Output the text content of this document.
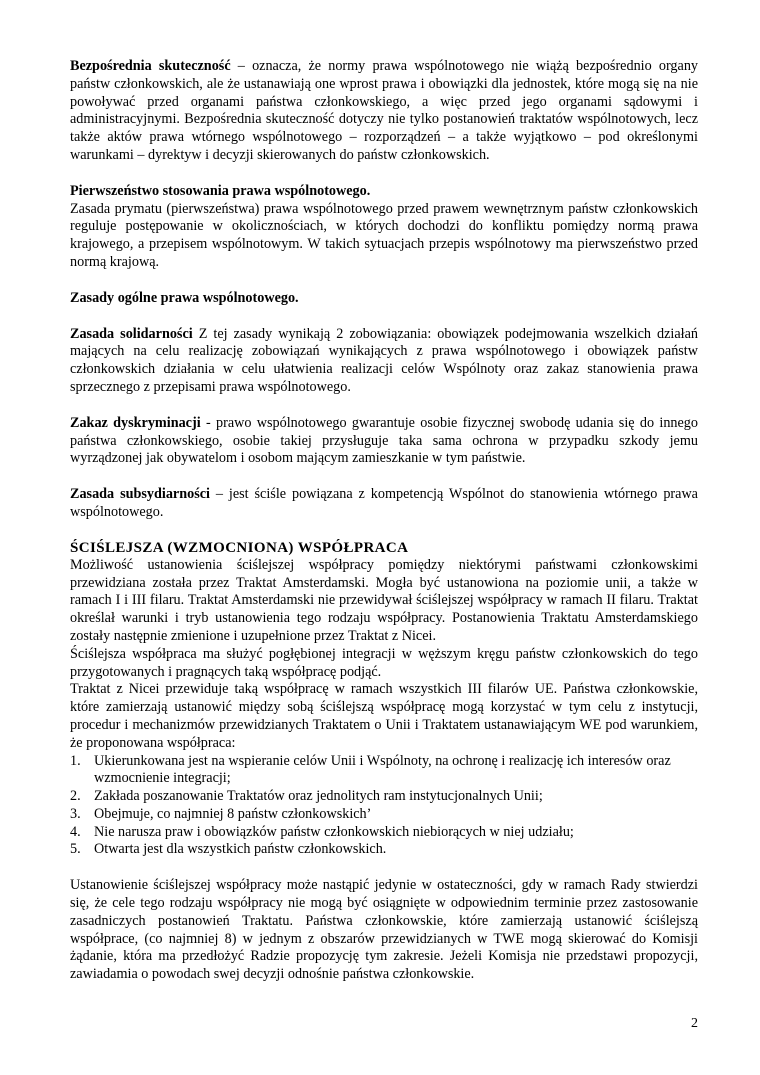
Bezpośrednia skuteczność – oznacza, że normy prawa wspólnotowego nie wiążą bezpośrednio organy państw członkowskich, ale że ustanawiają one wprost prawa i obowiązki dla jednostek, które mogą się na nie powoływać przed organami państwa członkowskiego, a więc przed jego organami sądowymi i administracyjnymi. Bezpośrednia skuteczność dotyczy nie tylko postanowień traktatów wspólnotowych, lecz także aktów prawa wtórnego wspólnotowego – rozporządzeń – a także wyjątkowo – pod określonymi warunkami – dyrektyw i decyzji skierowanych do państw członkowskich.

Pierwszeństwo stosowania prawa wspólnotowego.

Zasada prymatu (pierwszeństwa) prawa wspólnotowego przed prawem wewnętrznym państw członkowskich reguluje postępowanie w okolicznościach, w których dochodzi do konfliktu pomiędzy normą prawa krajowego, a przepisem wspólnotowym. W takich sytuacjach przepis wspólnotowy ma pierwszeństwo przed normą krajową.

Zasady ogólne prawa wspólnotowego.

Zasada solidarności Z tej zasady wynikają 2 zobowiązania: obowiązek podejmowania wszelkich działań mających na celu realizację zobowiązań wynikających z prawa wspólnotowego i obowiązek państw członkowskich działania w celu ułatwienia realizacji celów Wspólnoty oraz zakaz stanowienia prawa sprzecznego z przepisami prawa wspólnotowego.

Zakaz dyskryminacji - prawo wspólnotowego gwarantuje osobie fizycznej swobodę udania się do innego państwa członkowskiego, osobie takiej przysługuje taka sama ochrona w przypadku szkody jemu wyrządzonej jak obywatelom i osobom mającym zamieszkanie w tym państwie.

Zasada subsydiarności – jest ściśle powiązana z kompetencją Wspólnot do stanowienia wtórnego prawa wspólnotowego.

ŚCIŚLEJSZA (WZMOCNIONA) WSPÓŁPRACA

Możliwość ustanowienia ściślejszej współpracy pomiędzy niektórymi państwami członkowskimi przewidziana została przez Traktat Amsterdamski. Mogła być ustanowiona na poziomie unii, a także w ramach I i III filaru. Traktat Amsterdamski nie przewidywał ściślejszej współpracy w ramach II filaru. Traktat określał warunki i tryb ustanowienia tego rodzaju współpracy. Postanowienia Traktatu Amsterdamskiego zostały następnie zmienione i uzupełnione przez Traktat z Nicei.

Ściślejsza współpraca ma służyć pogłębionej integracji w węższym kręgu państw członkowskich do tego przygotowanych i pragnących taką współpracę podjąć.

Traktat z Nicei przewiduje taką współpracę w ramach wszystkich III filarów UE. Państwa członkowskie, które zamierzają ustanowić między sobą ściślejszą współpracę mogą korzystać w tym celu z instytucji, procedur i mechanizmów przewidzianych Traktatem o Unii i Traktatem ustanawiającym WE pod warunkiem, że proponowana współpraca:

1. Ukierunkowana jest na wspieranie celów Unii i Wspólnoty, na ochronę i realizację ich interesów oraz wzmocnienie integracji;
2. Zakłada poszanowanie Traktatów oraz jednolitych ram instytucjonalnych Unii;
3. Obejmuje, co najmniej 8 państw członkowskich’
4. Nie narusza praw i obowiązków państw członkowskich niebiorących w niej udziału;
5. Otwarta jest dla wszystkich państw członkowskich.

Ustanowienie ściślejszej współpracy może nastąpić jedynie w ostateczności, gdy w ramach Rady stwierdzi się, że cele tego rodzaju współpracy nie mogą być osiągnięte w odpowiednim terminie przez zastosowanie zasadniczych postanowień Traktatu. Państwa członkowskie, które zamierzają ustanowić ściślejszą współprace, (co najmniej 8) w jednym z obszarów przewidzianych w TWE mogą skierować do Komisji żądanie, która ma przedłożyć Radzie propozycję tym zakresie. Jeżeli Komisja nie przedstawi propozycji, zawiadamia o powodach swej decyzji odnośnie państwa członkowskie.

2
